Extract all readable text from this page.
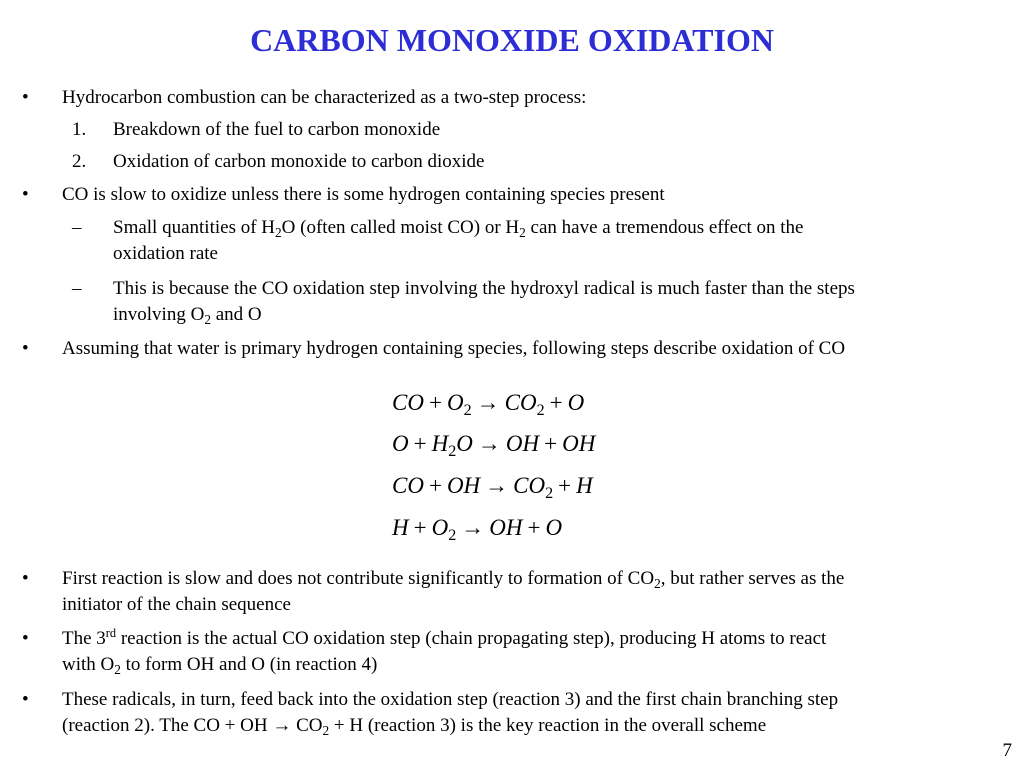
CARBON MONOXIDE OXIDATION
• Hydrocarbon combustion can be characterized as a two-step process:
1. Breakdown of the fuel to carbon monoxide
2. Oxidation of carbon monoxide to carbon dioxide
• CO is slow to oxidize unless there is some hydrogen containing species present
– Small quantities of $H_2O$ (often called moist CO) or $H_2$ can have a tremendous effect on the
oxidation rate
– This is because the CO oxidation step involving the hydroxyl radical is much faster than the steps
involving $O_2$ and O
• Assuming that water is primary hydrogen containing species, following steps describe oxidation of CO
CO + $O_2 \to CO_2 + O$
$O + H_2O$ → OH + OH
CO + OH → $CO_2 + H$
$H + O_2$ → OH + O
• First reaction is slow and does not contribute significantly to formation of $CO_2$, but rather serves as the
initiator of the chain sequence
• The 3rd reaction is the actual CO oxidation step (chain propagating step), producing H atoms to react
with $O_2$ to form OH and O (in reaction 4)
• These radicals, in turn, feed back into the oxidation step (reaction 3) and the first chain branching step
(reaction 2). The CO + OH → $CO_2 + H$ (reaction 3) is the key reaction in the overall scheme
7
